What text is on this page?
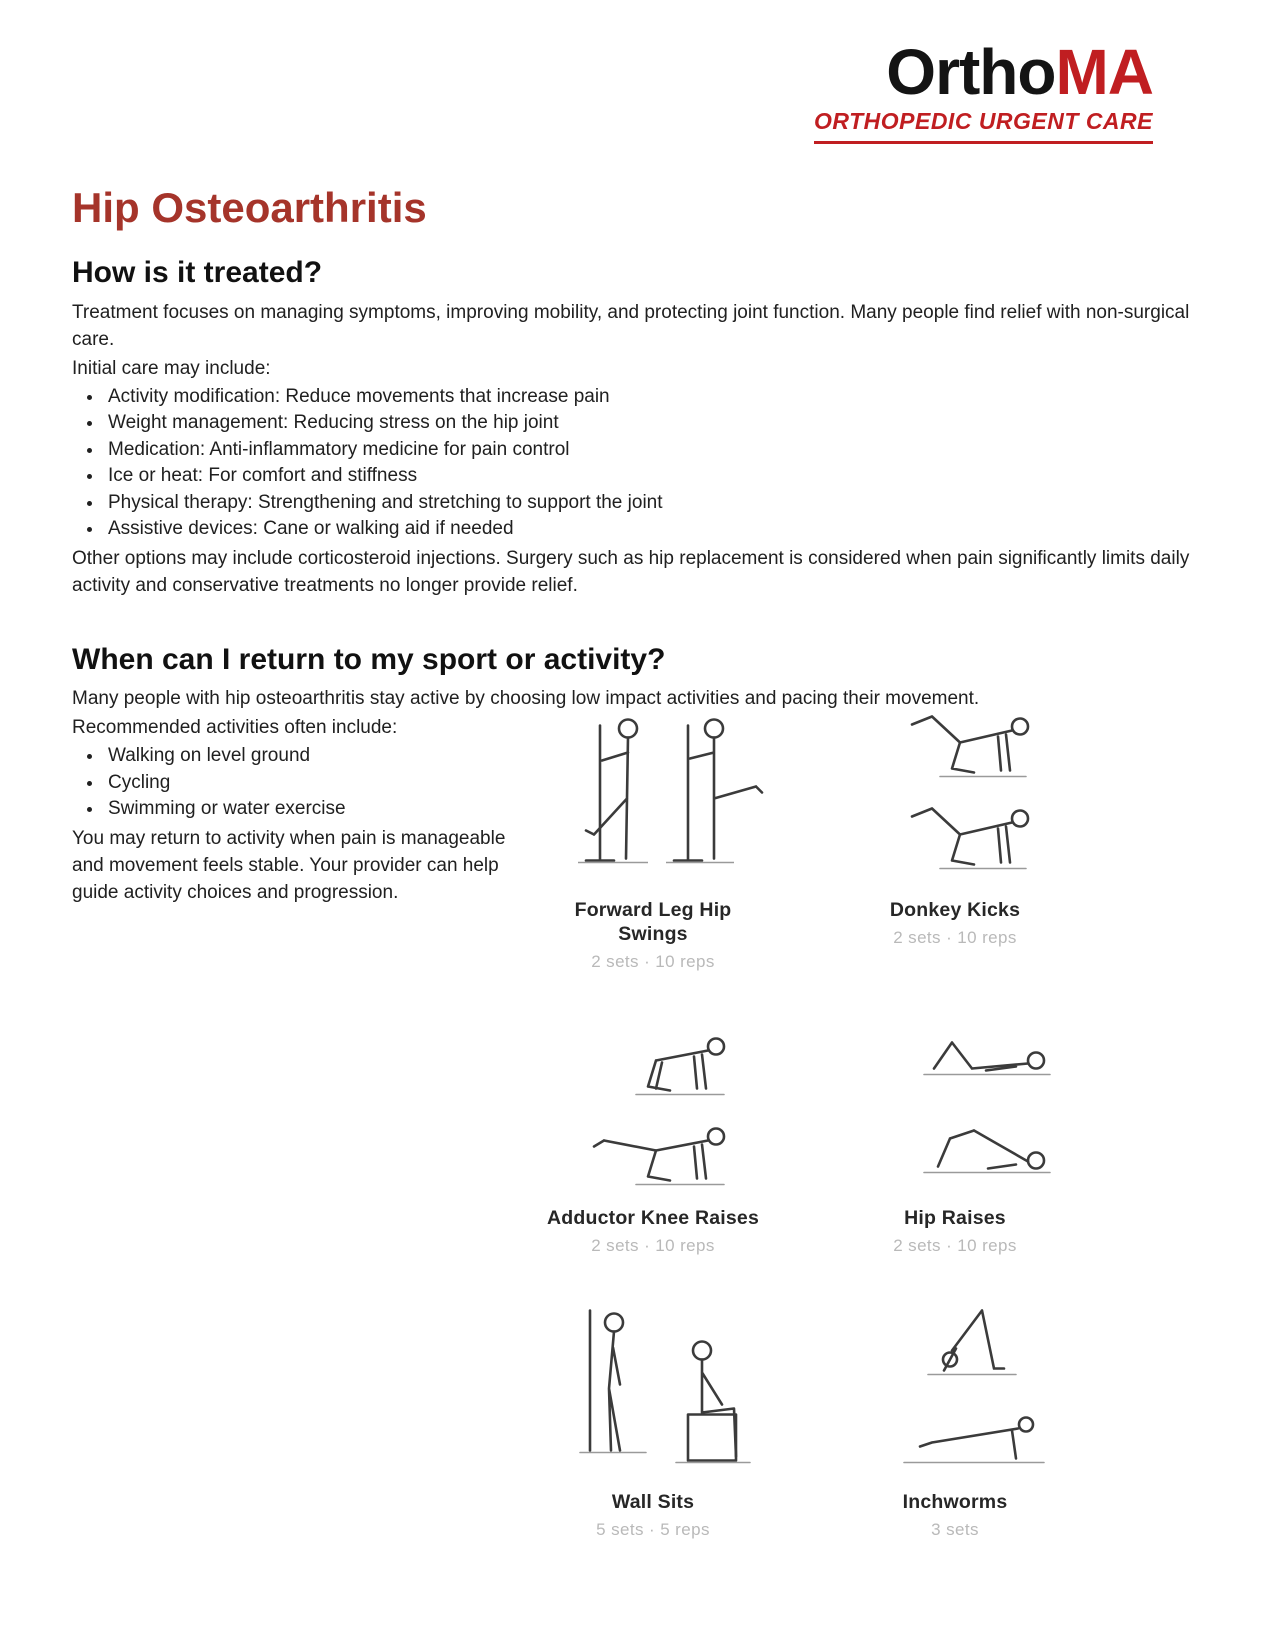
OrthoMA
ORTHOPEDIC URGENT CARE
Hip Osteoarthritis
How is it treated?

Treatment focuses on managing symptoms, improving mobility, and protecting joint function. Many people find relief with non-surgical care.

Initial care may include:

• Activity modification: Reduce movements that increase pain
• Weight management: Reducing stress on the hip joint
• Medication: Anti-inflammatory medicine for pain control
• Ice or heat: For comfort and stiffness
• Physical therapy: Strengthening and stretching to support the joint
• Assistive devices: Cane or walking aid if needed

Other options may include corticosteroid injections. Surgery such as hip replacement is considered when pain significantly limits daily activity and conservative treatments no longer provide relief.

When can I return to my sport or activity?

Many people with hip osteoarthritis stay active by choosing low impact activities and pacing their movement.

Recommended activities often include:

• Walking on level ground
• Cycling
• Swimming or water exercise

You may return to activity when pain is manageable and movement feels stable. Your provider can help guide activity choices and progression.

Forward Leg Hip Swings
2 sets · 10 reps
Donkey Kicks
2 sets · 10 reps
Adductor Knee Raises
2 sets · 10 reps
Hip Raises
2 sets · 10 reps
Wall Sits
5 sets · 5 reps
Inchworms
3 sets
